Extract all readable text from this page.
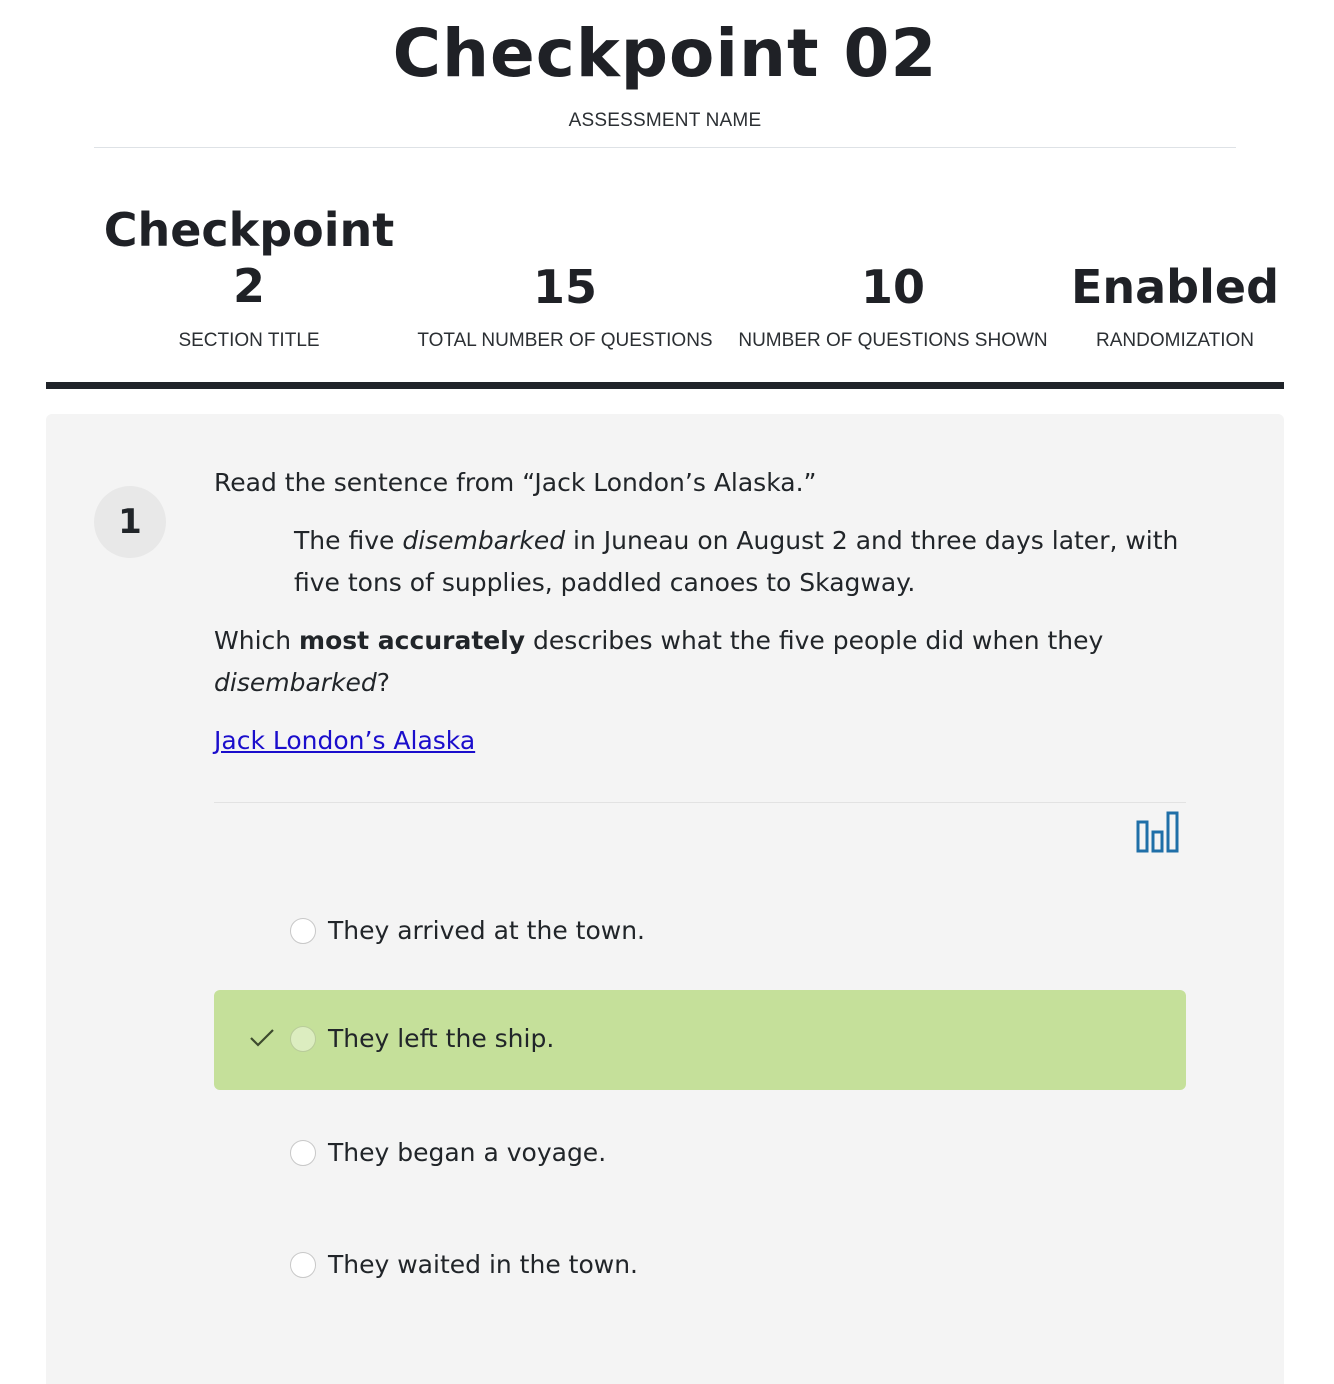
Checkpoint 02
ASSESSMENT NAME
Checkpoint 2
SECTION TITLE
15
TOTAL NUMBER OF QUESTIONS
10
NUMBER OF QUESTIONS SHOWN
Enabled
RANDOMIZATION
1

Read the sentence from “Jack London’s Alaska.”

The five disembarked in Juneau on August 2 and three days later, with five tons of supplies, paddled canoes to Skagway.

Which most accurately describes what the five people did when they disembarked?

Jack London’s Alaska
They arrived at the town.
They left the ship.
They began a voyage.
They waited in the town.
